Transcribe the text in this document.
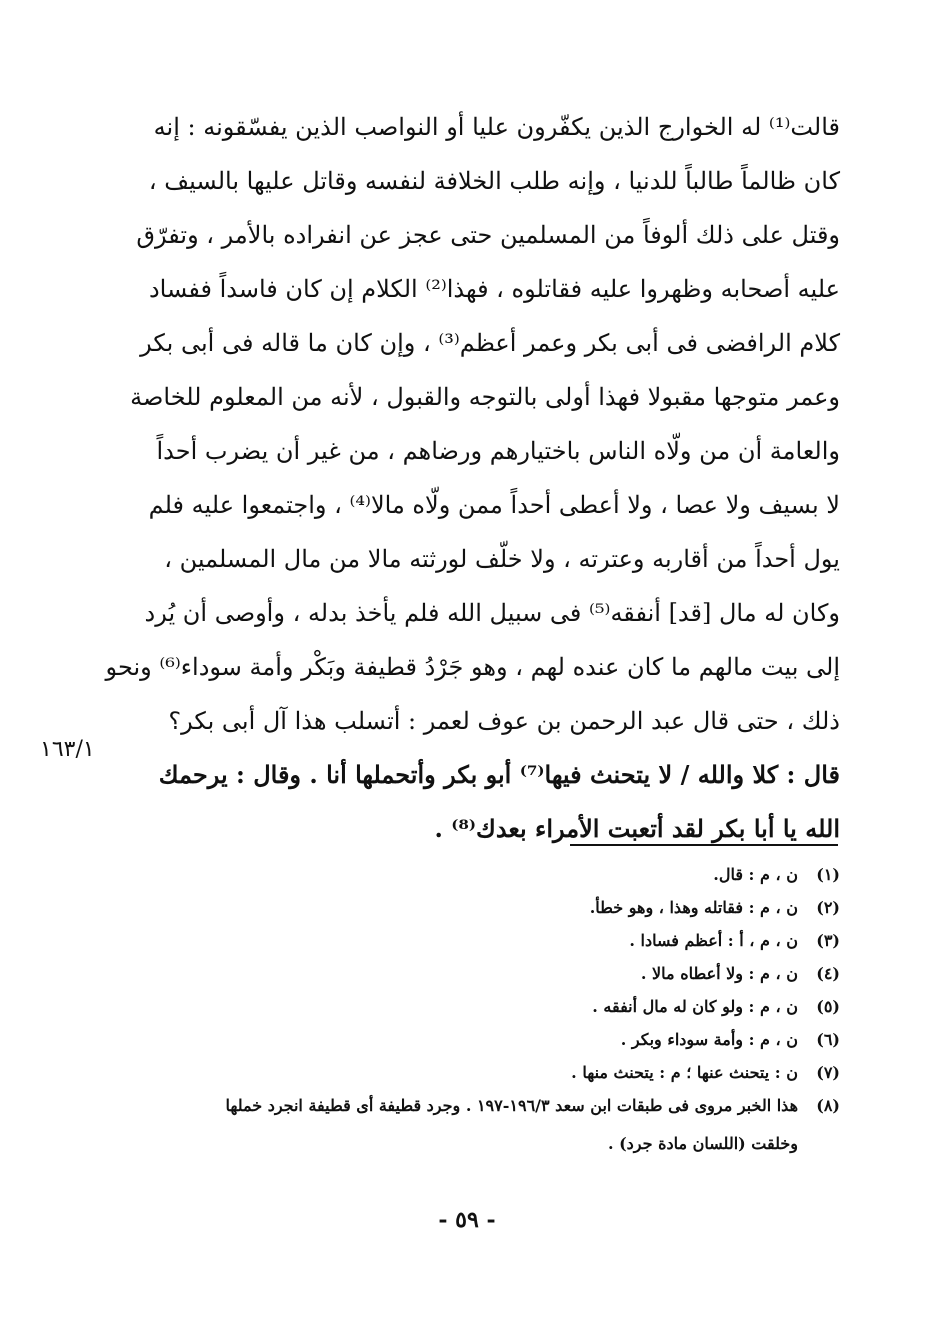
قالت⁽¹⁾ له الخوارج الذين يكفّرون عليا أو النواصب الذين يفسّقونه : إنه
كان ظالماً طالباً للدنيا ، وإنه طلب الخلافة لنفسه وقاتل عليها بالسيف ،
وقتل على ذلك ألوفاً من المسلمين حتى عجز عن انفراده بالأمر ، وتفرّق
عليه أصحابه وظهروا عليه فقاتلوه ، فهذا⁽²⁾ الكلام إن كان فاسداً ففساد
كلام الرافضى فى أبى بكر وعمر أعظم⁽³⁾ ، وإن كان ما قاله فى أبى بكر
وعمر متوجها مقبولا فهذا أولى بالتوجه والقبول ، لأنه من المعلوم للخاصة
والعامة أن من ولّاه الناس باختيارهم ورضاهم ، من غير أن يضرب أحداً
لا بسيف ولا عصا ، ولا أعطى أحداً ممن ولّاه مالا⁽⁴⁾ ، واجتمعوا عليه فلم
يول أحداً من أقاربه وعترته ، ولا خلّف لورثته مالا من مال المسلمين ،
وكان له مال [قد] أنفقه⁽⁵⁾ فى سبيل الله فلم يأخذ بدله ، وأوصى أن يُرد
إلى بيت مالهم ما كان عنده لهم ، وهو جَرْدُ قطيفة وبَكْر وأمة سوداء⁽⁶⁾ ونحو
ذلك ، حتى قال عبد الرحمن بن عوف لعمر : أتسلب هذا آل أبى بكر؟
قال : كلا والله / لا يتحنث فيها⁽⁷⁾ أبو بكر وأتحملها أنا . وقال : يرحمك
الله يا أبا بكر لقد أتعبت الأمراء بعدك⁽⁸⁾ .
١٦٣/١
(١)
ن ، م : قال.
(٢)
ن ، م : فقاتله وهذا ، وهو خطأ.
(٣)
ن ، م ، أ : أعظم فسادا .
(٤)
ن ، م : ولا أعطاه مالا .
(٥)
ن ، م : ولو كان له مال أنفقه .
(٦)
ن ، م : وأمة سوداء وبكر .
(٧)
ن : يتحنث عنها ؛ م : يتحنث منها .
(٨)
هذا الخبر مروى فى طبقات ابن سعد ١٩٦/٣-١٩٧ . وجرد قطيفة أى قطيفة انجرد خملها
وخلقت (اللسان مادة جرد) .
- ٥٩ -
